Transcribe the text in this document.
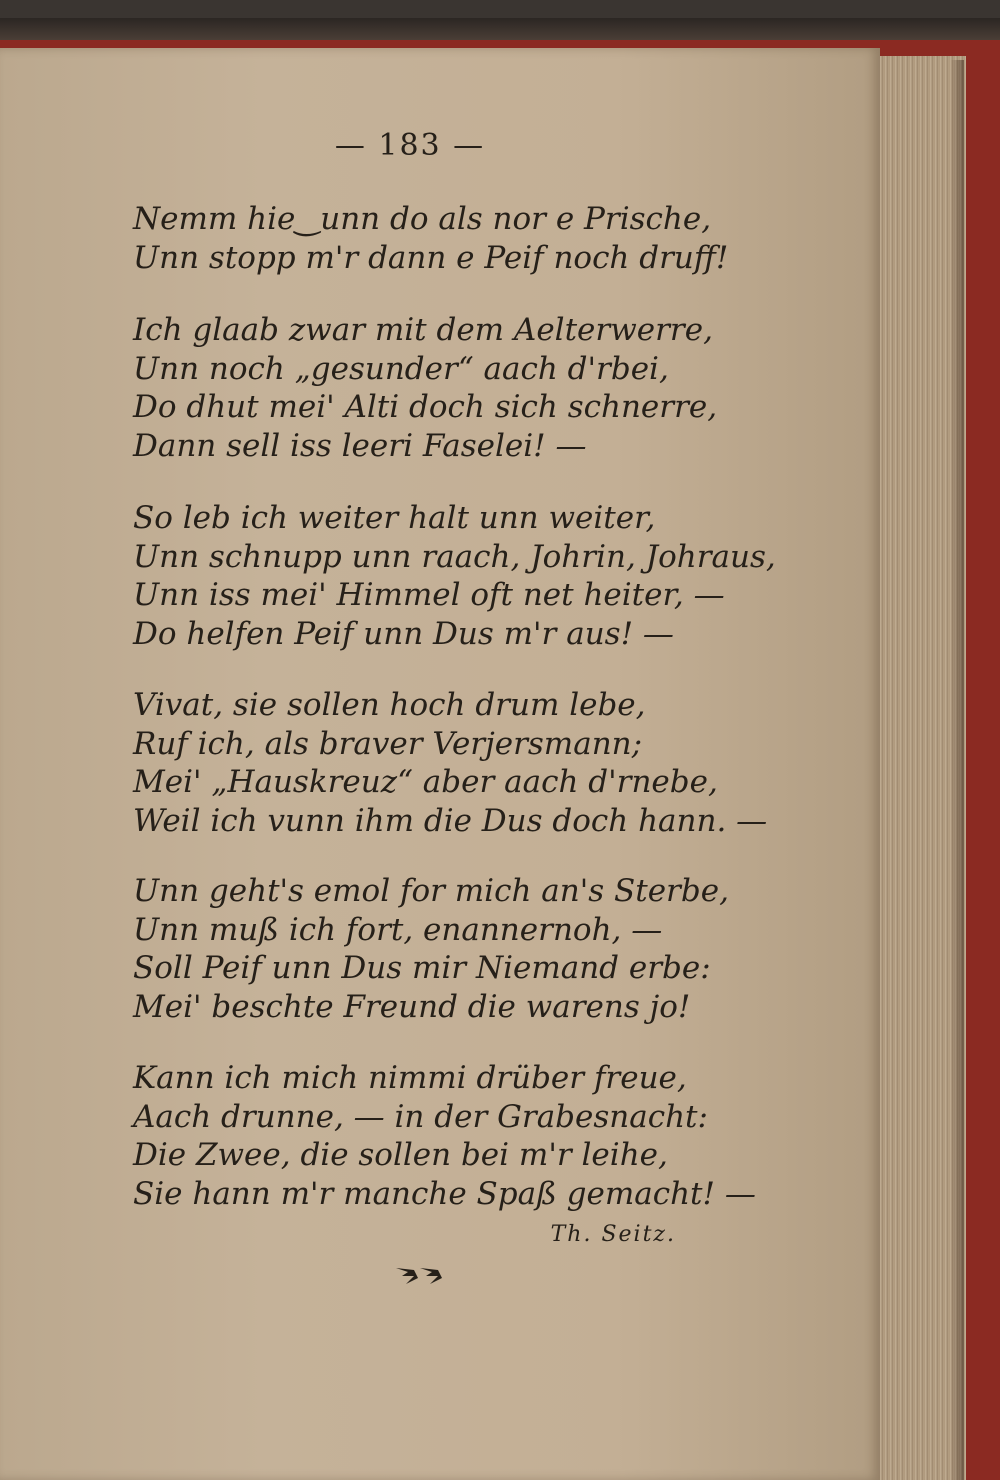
— 183 —
Nemm hie‿unn do als nor e Prische,
Unn stopp m'r dann e Peif noch druff!
Ich glaab zwar mit dem Aelterwerre,
Unn noch „gesunder“ aach d'rbei,
Do dhut mei' Alti doch sich schnerre,
Dann sell iss leeri Faselei! —
So leb ich weiter halt unn weiter,
Unn schnupp unn raach, Johrin, Johraus,
Unn iss mei' Himmel oft net heiter, —
Do helfen Peif unn Dus m'r aus! —
Vivat, sie sollen hoch drum lebe,
Ruf ich, als braver Verjersmann;
Mei' „Hauskreuz“ aber aach d'rnebe,
Weil ich vunn ihm die Dus doch hann. —
Unn geht's emol for mich an's Sterbe,
Unn muß ich fort, enannernoh, —
Soll Peif unn Dus mir Niemand erbe:
Mei' beschte Freund die warens jo!
Kann ich mich nimmi drüber freue,
Aach drunne, — in der Grabesnacht:
Die Zwee, die sollen bei m'r leihe,
Sie hann m'r manche Spaß gemacht! —
Th. Seitz.
